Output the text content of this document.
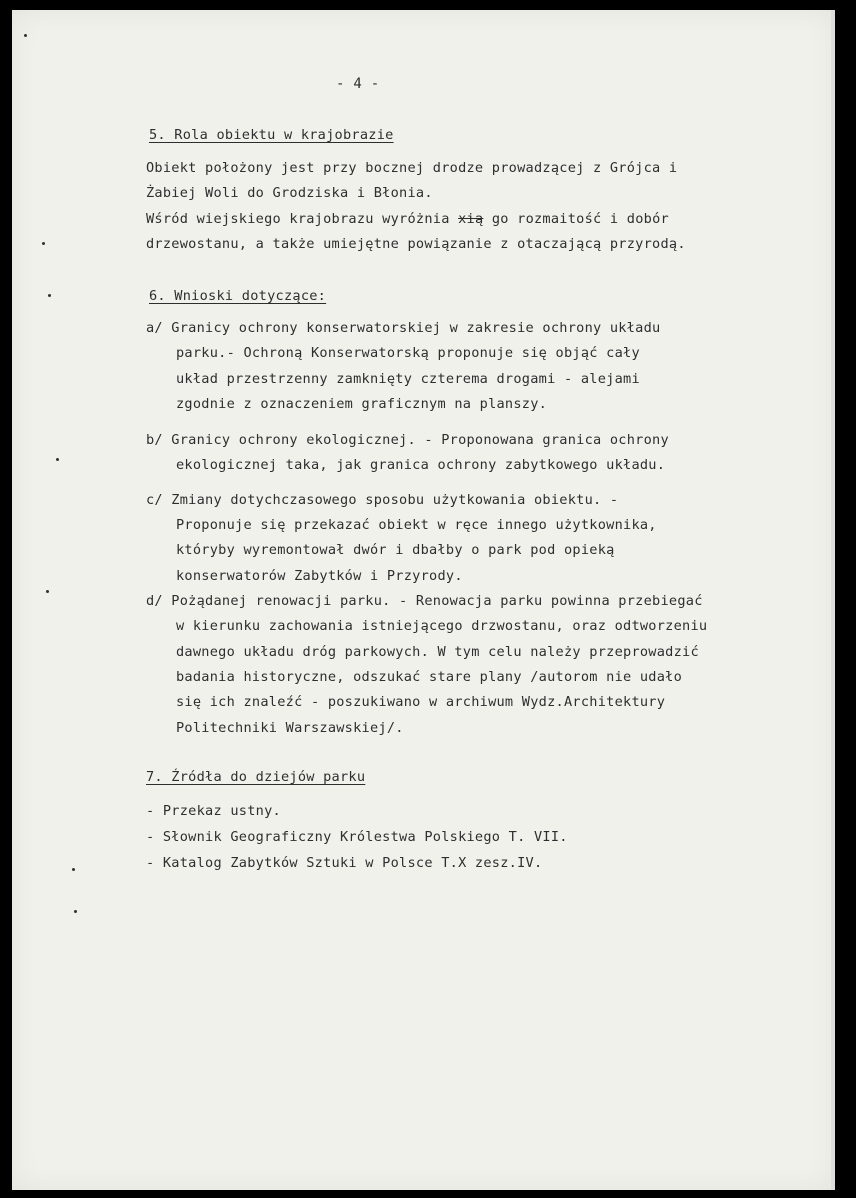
- 4 -
5. Rola obiektu w krajobrazie
Obiekt położony jest przy bocznej drodze prowadzącej z Grójca i
Żabiej Woli do Grodziska i Błonia.
Wśród wiejskiego krajobrazu wyróżnia xią go rozmaitość i dobór
drzewostanu, a także umiejętne powiązanie z otaczającą przyrodą.
6. Wnioski dotyczące:
a/ Granicy ochrony konserwatorskiej w zakresie ochrony układu
parku.- Ochroną Konserwatorską proponuje się objąć cały
układ przestrzenny zamknięty czterema drogami - alejami
zgodnie z oznaczeniem graficznym na planszy.
b/ Granicy ochrony ekologicznej. - Proponowana granica ochrony
ekologicznej taka, jak granica ochrony zabytkowego układu.
c/ Zmiany dotychczasowego sposobu użytkowania obiektu. -
Proponuje się przekazać obiekt w ręce innego użytkownika,
któryby wyremontował dwór i dbałby o park pod opieką
konserwatorów Zabytków i Przyrody.
d/ Pożądanej renowacji parku. - Renowacja parku powinna przebiegać
w kierunku zachowania istniejącego drzwostanu, oraz odtworzeniu
dawnego układu dróg parkowych. W tym celu należy przeprowadzić
badania historyczne, odszukać stare plany /autorom nie udało
się ich znaleźć - poszukiwano w archiwum Wydz.Architektury
Politechniki Warszawskiej/.
7. Źródła do dziejów parku
- Przekaz ustny.
- Słownik Geograficzny Królestwa Polskiego T. VII.
- Katalog Zabytków Sztuki w Polsce T.X zesz.IV.
